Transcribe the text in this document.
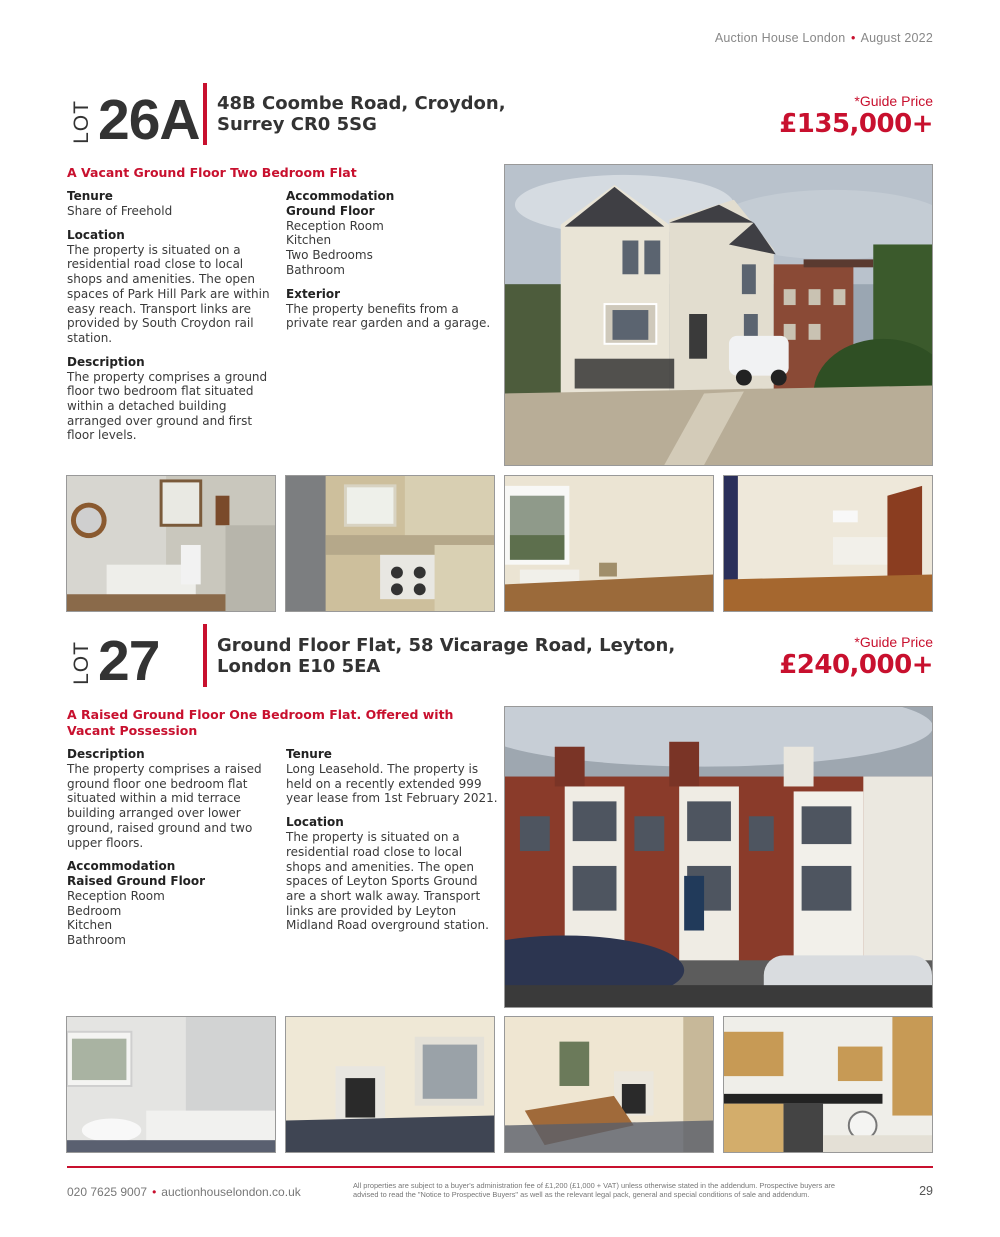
Auction House London • August 2022
LOT 26A 48B Coombe Road, Croydon,
Surrey CR0 5SG
*Guide Price
£135,000+
A Vacant Ground Floor Two Bedroom Flat
Tenure
Share of Freehold
Location
The property is situated on a residential road close to local shops and amenities. The open spaces of Park Hill Park are within easy reach. Transport links are provided by South Croydon rail station.
Description
The property comprises a ground floor two bedroom flat situated within a detached building arranged over ground and first floor levels.
Accommodation
Ground Floor
Reception Room
Kitchen
Two Bedrooms
Bathroom
Exterior
The property benefits from a private rear garden and a garage.
LOT 27	Ground Floor Flat, 58 Vicarage Road, Leyton,
London E10 5EA
*Guide Price
£240,000+
A Raised Ground Floor One Bedroom Flat. Offered with Vacant Possession
Description
The property comprises a raised ground floor one bedroom flat situated within a mid terrace building arranged over lower ground, raised ground and two upper floors.
Accommodation
Raised Ground Floor
Reception Room
Bedroom
Kitchen
Bathroom
Tenure
Long Leasehold. The property is held on a recently extended 999 year lease from 1st February 2021.
Location
The property is situated on a residential road close to local shops and amenities. The open spaces of Leyton Sports Ground are a short walk away. Transport links are provided by Leyton Midland Road overground station.
020 7625 9007 • auctionhouselondon.co.uk	All properties are subject to a buyer's administration fee of £1,200 (£1,000 + VAT) unless otherwise stated in the addendum. Prospective buyers are advised to read the "Notice to Prospective Buyers" as well as the relevant legal pack, general and special conditions of sale and addendum.	29
